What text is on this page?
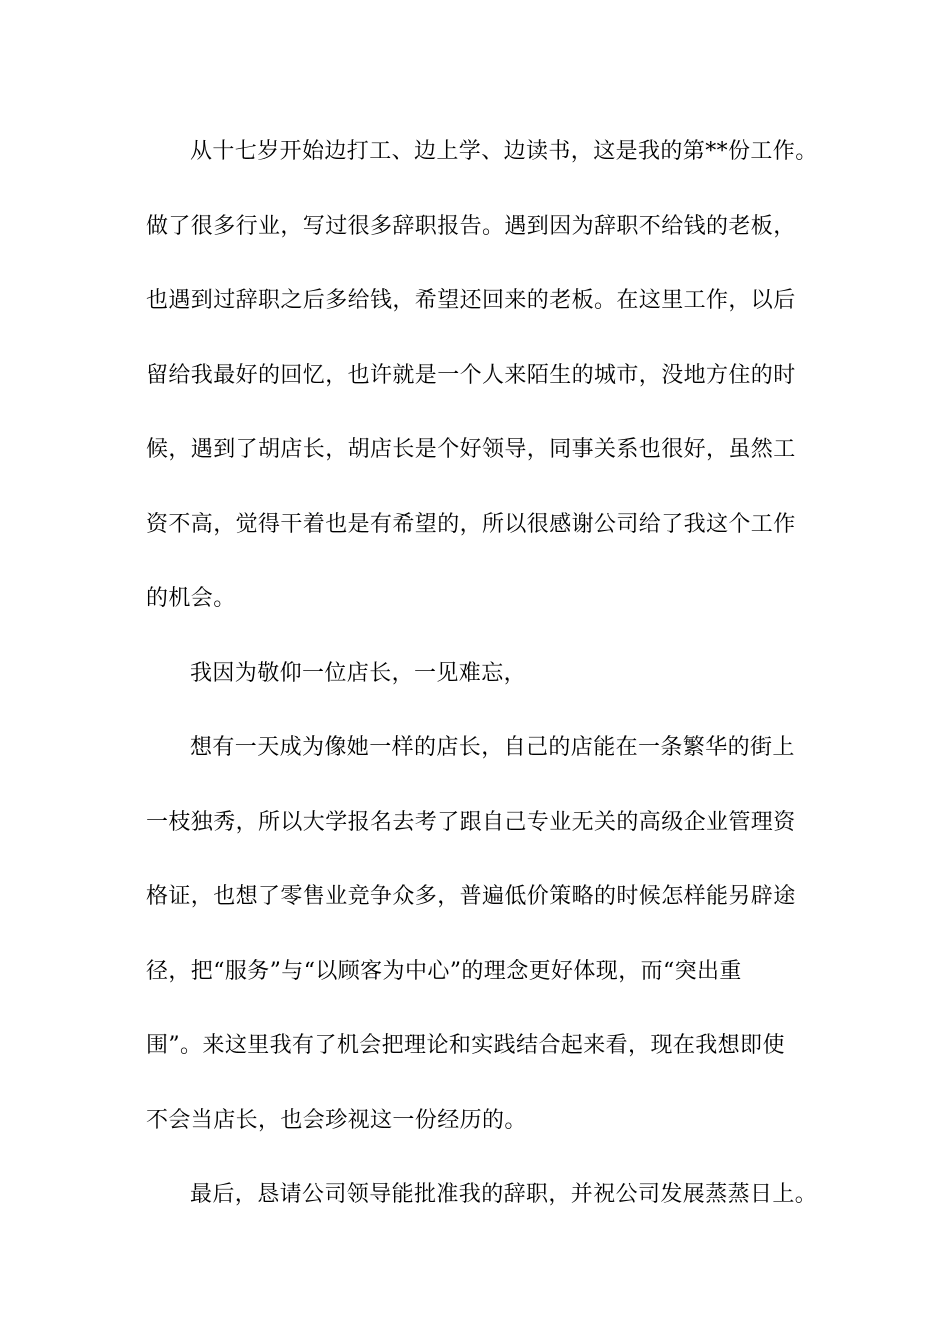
从十七岁开始边打工、边上学、边读书，这是我的第**份工作。
做了很多行业，写过很多辞职报告。遇到因为辞职不给钱的老板，
也遇到过辞职之后多给钱，希望还回来的老板。在这里工作，以后
留给我最好的回忆，也许就是一个人来陌生的城市，没地方住的时
候，遇到了胡店长，胡店长是个好领导，同事关系也很好，虽然工
资不高，觉得干着也是有希望的，所以很感谢公司给了我这个工作
的机会。
我因为敬仰一位店长，一见难忘，
想有一天成为像她一样的店长，自己的店能在一条繁华的街上
一枝独秀，所以大学报名去考了跟自己专业无关的高级企业管理资
格证，也想了零售业竞争众多，普遍低价策略的时候怎样能另辟途
径，把“服务”与“以顾客为中心”的理念更好体现，而“突出重
围”。来这里我有了机会把理论和实践结合起来看，现在我想即使
不会当店长，也会珍视这一份经历的。
最后，恳请公司领导能批准我的辞职，并祝公司发展蒸蒸日上。
